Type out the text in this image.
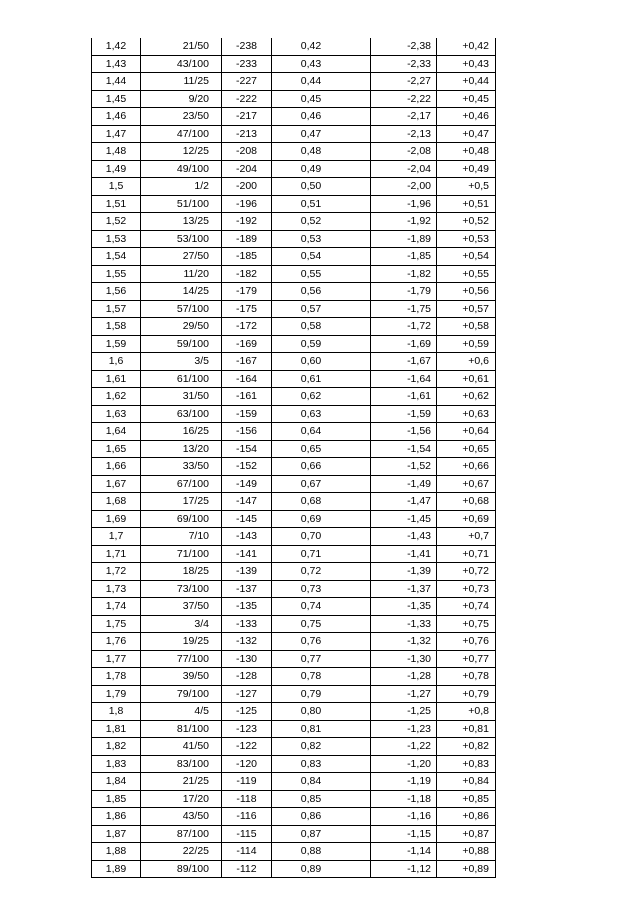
1,42	21/50	-238	0,42	-2,38	+0,42
1,43	43/100	-233	0,43	-2,33	+0,43
1,44	11/25	-227	0,44	-2,27	+0,44
1,45	9/20	-222	0,45	-2,22	+0,45
1,46	23/50	-217	0,46	-2,17	+0,46
1,47	47/100	-213	0,47	-2,13	+0,47
1,48	12/25	-208	0,48	-2,08	+0,48
1,49	49/100	-204	0,49	-2,04	+0,49
1,5	1/2	-200	0,50	-2,00	+0,5
1,51	51/100	-196	0,51	-1,96	+0,51
1,52	13/25	-192	0,52	-1,92	+0,52
1,53	53/100	-189	0,53	-1,89	+0,53
1,54	27/50	-185	0,54	-1,85	+0,54
1,55	11/20	-182	0,55	-1,82	+0,55
1,56	14/25	-179	0,56	-1,79	+0,56
1,57	57/100	-175	0,57	-1,75	+0,57
1,58	29/50	-172	0,58	-1,72	+0,58
1,59	59/100	-169	0,59	-1,69	+0,59
1,6	3/5	-167	0,60	-1,67	+0,6
1,61	61/100	-164	0,61	-1,64	+0,61
1,62	31/50	-161	0,62	-1,61	+0,62
1,63	63/100	-159	0,63	-1,59	+0,63
1,64	16/25	-156	0,64	-1,56	+0,64
1,65	13/20	-154	0,65	-1,54	+0,65
1,66	33/50	-152	0,66	-1,52	+0,66
1,67	67/100	-149	0,67	-1,49	+0,67
1,68	17/25	-147	0,68	-1,47	+0,68
1,69	69/100	-145	0,69	-1,45	+0,69
1,7	7/10	-143	0,70	-1,43	+0,7
1,71	71/100	-141	0,71	-1,41	+0,71
1,72	18/25	-139	0,72	-1,39	+0,72
1,73	73/100	-137	0,73	-1,37	+0,73
1,74	37/50	-135	0,74	-1,35	+0,74
1,75	3/4	-133	0,75	-1,33	+0,75
1,76	19/25	-132	0,76	-1,32	+0,76
1,77	77/100	-130	0,77	-1,30	+0,77
1,78	39/50	-128	0,78	-1,28	+0,78
1,79	79/100	-127	0,79	-1,27	+0,79
1,8	4/5	-125	0,80	-1,25	+0,8
1,81	81/100	-123	0,81	-1,23	+0,81
1,82	41/50	-122	0,82	-1,22	+0,82
1,83	83/100	-120	0,83	-1,20	+0,83
1,84	21/25	-119	0,84	-1,19	+0,84
1,85	17/20	-118	0,85	-1,18	+0,85
1,86	43/50	-116	0,86	-1,16	+0,86
1,87	87/100	-115	0,87	-1,15	+0,87
1,88	22/25	-114	0,88	-1,14	+0,88
1,89	89/100	-112	0,89	-1,12	+0,89
